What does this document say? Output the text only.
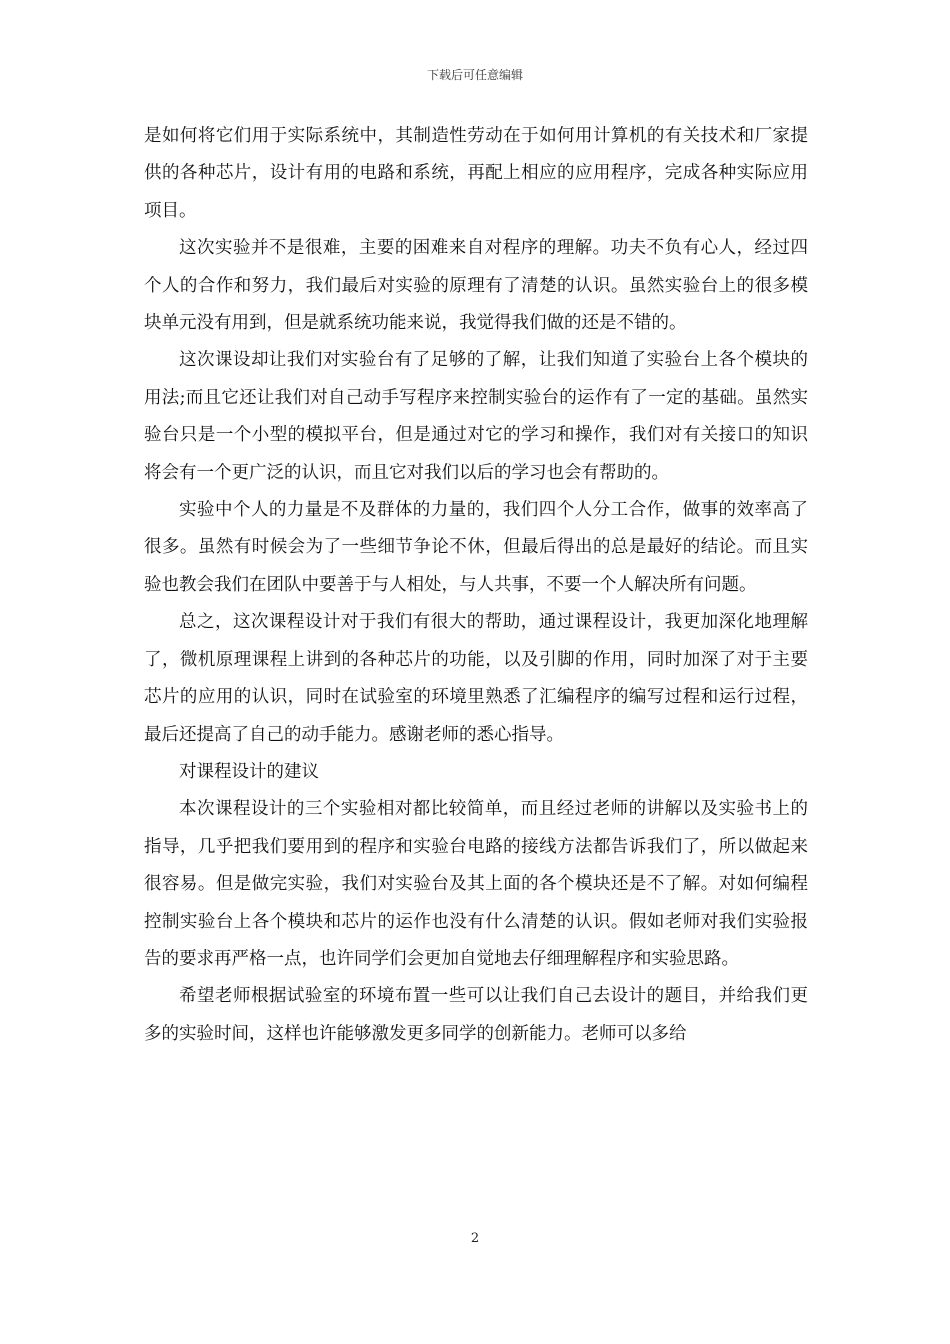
下载后可任意编辑

是如何将它们用于实际系统中，其制造性劳动在于如何用计算机的有关技术和厂家提供的各种芯片，设计有用的电路和系统，再配上相应的应用程序，完成各种实际应用项目。

这次实验并不是很难，主要的困难来自对程序的理解。功夫不负有心人，经过四个人的合作和努力，我们最后对实验的原理有了清楚的认识。虽然实验台上的很多模块单元没有用到，但是就系统功能来说，我觉得我们做的还是不错的。

这次课设却让我们对实验台有了足够的了解，让我们知道了实验台上各个模块的用法;而且它还让我们对自己动手写程序来控制实验台的运作有了一定的基础。虽然实验台只是一个小型的模拟平台，但是通过对它的学习和操作，我们对有关接口的知识将会有一个更广泛的认识，而且它对我们以后的学习也会有帮助的。

实验中个人的力量是不及群体的力量的，我们四个人分工合作，做事的效率高了很多。虽然有时候会为了一些细节争论不休，但最后得出的总是最好的结论。而且实验也教会我们在团队中要善于与人相处，与人共事，不要一个人解决所有问题。

总之，这次课程设计对于我们有很大的帮助，通过课程设计，我更加深化地理解了，微机原理课程上讲到的各种芯片的功能，以及引脚的作用，同时加深了对于主要芯片的应用的认识，同时在试验室的环境里熟悉了汇编程序的编写过程和运行过程，最后还提高了自己的动手能力。感谢老师的悉心指导。

对课程设计的建议

本次课程设计的三个实验相对都比较简单，而且经过老师的讲解以及实验书上的指导，几乎把我们要用到的程序和实验台电路的接线方法都告诉我们了，所以做起来很容易。但是做完实验，我们对实验台及其上面的各个模块还是不了解。对如何编程控制实验台上各个模块和芯片的运作也没有什么清楚的认识。假如老师对我们实验报告的要求再严格一点，也许同学们会更加自觉地去仔细理解程序和实验思路。

希望老师根据试验室的环境布置一些可以让我们自己去设计的题目，并给我们更多的实验时间，这样也许能够激发更多同学的创新能力。老师可以多给

2
